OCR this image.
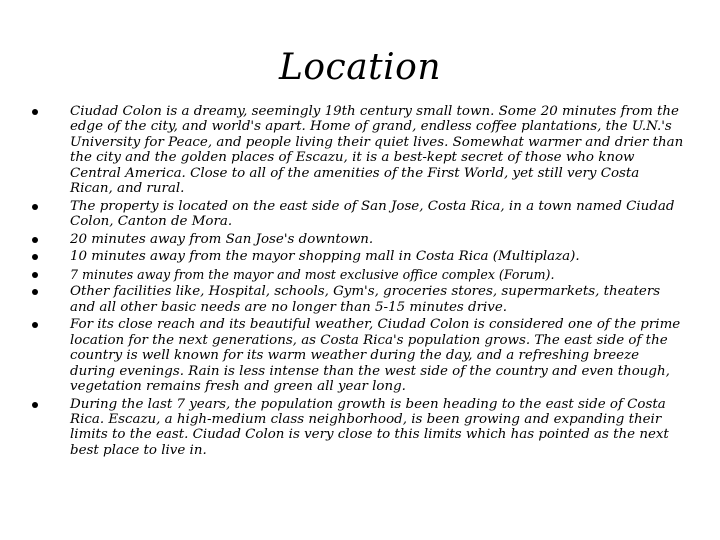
Location
Ciudad Colon is a dreamy, seemingly 19th century small town. Some 20 minutes from the edge of the city, and world's apart. Home of grand, endless coffee plantations, the U.N.'s University for Peace, and people living their quiet lives. Somewhat warmer and drier than the city and the golden places of Escazu, it is a best-kept secret of those who know Central America. Close to all of the amenities of the First World, yet still very Costa Rican, and rural.
The property is located on the east side of San Jose, Costa Rica, in a town named Ciudad Colon, Canton de Mora.
20 minutes away from San Jose's downtown.
10 minutes away from the mayor shopping mall in Costa Rica (Multiplaza).
7 minutes away from the mayor and most exclusive office complex (Forum).
Other facilities like, Hospital, schools, Gym's, groceries stores, supermarkets, theaters and all other basic needs are no longer than 5-15 minutes drive.
For its close reach and its beautiful weather, Ciudad Colon is considered one of the prime location for the next generations, as Costa Rica's population grows. The east side of the country is well known for its warm weather during the day, and a refreshing breeze during evenings. Rain is less intense than the west side of the country and even though, vegetation remains fresh and green all year long.
During the last 7 years, the population growth is been heading to the east side of Costa Rica. Escazu, a high-medium class neighborhood, is been growing and expanding their limits to the east. Ciudad Colon is very close to this limits which has pointed as the next best place to live in.
